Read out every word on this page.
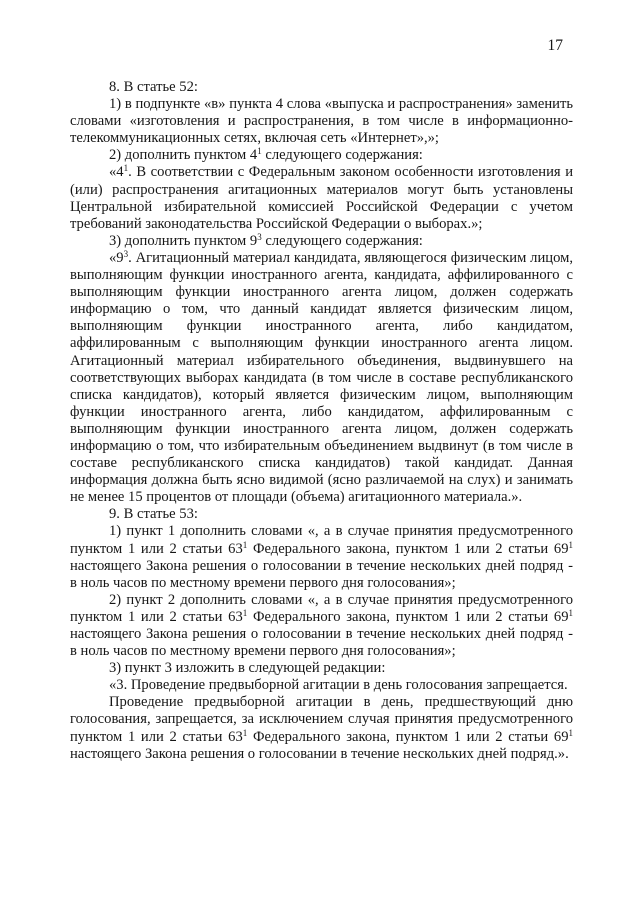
17

8. В статье 52:

1) в подпункте «в» пункта 4 слова «выпуска и распространения» заменить словами «изготовления и распространения, в том числе в информационно-телекоммуникационных сетях, включая сеть «Интернет»,»;

2) дополнить пунктом $4^1$ следующего содержания:

«$4^1$. В соответствии с Федеральным законом особенности изготовления и (или) распространения агитационных материалов могут быть установлены Центральной избирательной комиссией Российской Федерации с учетом требований законодательства Российской Федерации о выборах.»;

3) дополнить пунктом $9^3$ следующего содержания:

«$9^3$. Агитационный материал кандидата, являющегося физическим лицом, выполняющим функции иностранного агента, кандидата, аффилированного с выполняющим функции иностранного агента лицом, должен содержать информацию о том, что данный кандидат является физическим лицом, выполняющим функции иностранного агента, либо кандидатом, аффилированным с выполняющим функции иностранного агента лицом. Агитационный материал избирательного объединения, выдвинувшего на соответствующих выборах кандидата (в том числе в составе республиканского списка кандидатов), который является физическим лицом, выполняющим функции иностранного агента, либо кандидатом, аффилированным с выполняющим функции иностранного агента лицом, должен содержать информацию о том, что избирательным объединением выдвинут (в том числе в составе республиканского списка кандидатов) такой кандидат. Данная информация должна быть ясно видимой (ясно различаемой на слух) и занимать не менее 15 процентов от площади (объема) агитационного материала.».

9. В статье 53:

1) пункт 1 дополнить словами «, а в случае принятия предусмотренного пунктом 1 или 2 статьи $63^1$ Федерального закона, пунктом 1 или 2 статьи $69^1$ настоящего Закона решения о голосовании в течение нескольких дней подряд - в ноль часов по местному времени первого дня голосования»;

2) пункт 2 дополнить словами «, а в случае принятия предусмотренного пунктом 1 или 2 статьи $63^1$ Федерального закона, пунктом 1 или 2 статьи $69^1$ настоящего Закона решения о голосовании в течение нескольких дней подряд - в ноль часов по местному времени первого дня голосования»;

3) пункт 3 изложить в следующей редакции:

«3. Проведение предвыборной агитации в день голосования запрещается.

Проведение предвыборной агитации в день, предшествующий дню голосования, запрещается, за исключением случая принятия предусмотренного пунктом 1 или 2 статьи $63^1$ Федерального закона, пунктом 1 или 2 статьи $69^1$ настоящего Закона решения о голосовании в течение нескольких дней подряд.».
